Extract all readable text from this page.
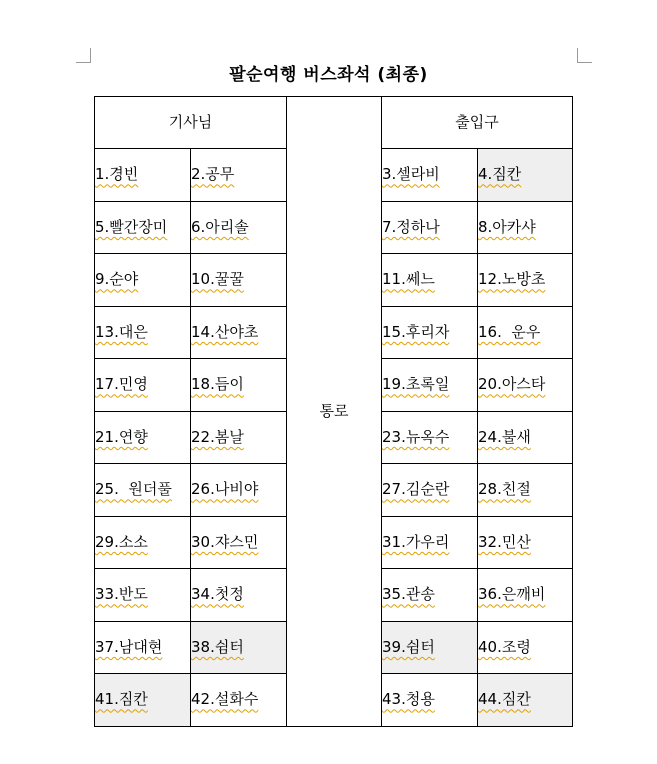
팔순여행 버스좌석 (최종)
기사님		통로	출입구	
1.경빈	2.공무		3.셀라비	4.짐칸
5.빨간장미	6.아리솔		7.정하나	8.아카샤
9.순야	10.꿀꿀		11.쎄느	12.노방초
13.대은	14.산야초		15.후리자	16.  운우
17.민영	18.듬이		19.초록일	20.아스타
21.연향	22.봄날		23.뉴옥수	24.불새
25.  원더풀	26.나비야		27.김순란	28.친절
29.소소	30.쟈스민		31.가우리	32.민산
33.반도	34.첫정		35.관송	36.은깨비
37.남대현	38.쉼터		39.쉼터	40.조령
41.짐칸	42.설화수		43.청용	44.짐칸
